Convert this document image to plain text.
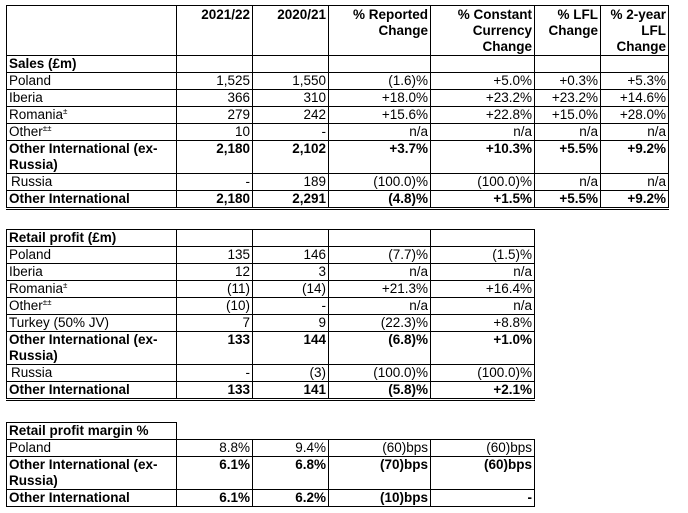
	2021/22	2020/21	% Reported Change	% Constant Currency Change	% LFL Change	% 2-year LFL Change
Sales (£m)						
Poland	1,525	1,550	(1.6)%	+5.0%	+0.3%	+5.3%
Iberia	366	310	+18.0%	+23.2%	+23.2%	+14.6%
Romania±	279	242	+15.6%	+22.8%	+15.0%	+28.0%
Other±±	10	-	n/a	n/a	n/a	n/a
Other International (ex-Russia)	2,180	2,102	+3.7%	+10.3%	+5.5%	+9.2%
Russia	-	189	(100.0)%	(100.0)%	n/a	n/a
Other International	2,180	2,291	(4.8)%	+1.5%	+5.5%	+9.2%
Retail profit (£m)				
Poland	135	146	(7.7)%	(1.5)%
Iberia	12	3	n/a	n/a
Romania±	(11)	(14)	+21.3%	+16.4%
Other±±	(10)	-	n/a	n/a
Turkey (50% JV)	7	9	(22.3)%	+8.8%
Other International (ex-Russia)	133	144	(6.8)%	+1.0%
Russia	-	(3)	(100.0)%	(100.0)%
Other International	133	141	(5.8)%	+2.1%
Retail profit margin %				
Poland	8.8%	9.4%	(60)bps	(60)bps
Other International (ex-Russia)	6.1%	6.8%	(70)bps	(60)bps
Other International	6.1%	6.2%	(10)bps	-
